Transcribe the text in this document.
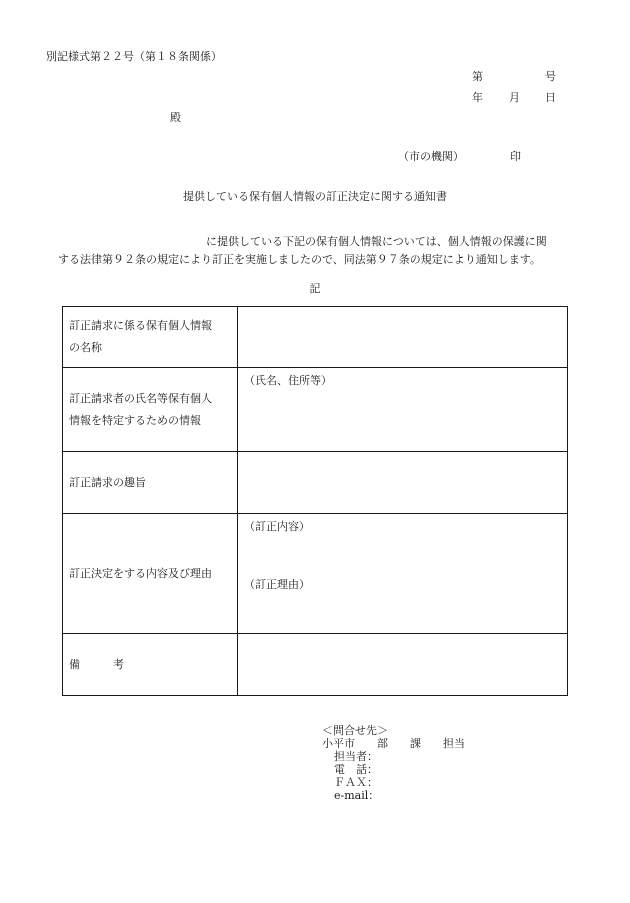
別記様式第２２号（第１８条関係）
第	号
年 月 日
殿
（市の機関）	印
提供している保有個人情報の訂正決定に関する通知書
に提供している下記の保有個人情報については、個人情報の保護に関
する法律第９２条の規定により訂正を実施しましたので、同法第９７条の規定により通知します。
記
訂正請求に係る保有個人情報
の名称	

訂正請求者の氏名等保有個人
情報を特定するための情報	（氏名、住所等）

訂正請求の趣旨	
訂正決定をする内容及び理由	（訂正内容）
（訂正理由）

備　　　考	
＜問合せ先＞
小平市　　部　　課　　担当
担当者：
電　話：
ＦＡＸ：
e-mail：
